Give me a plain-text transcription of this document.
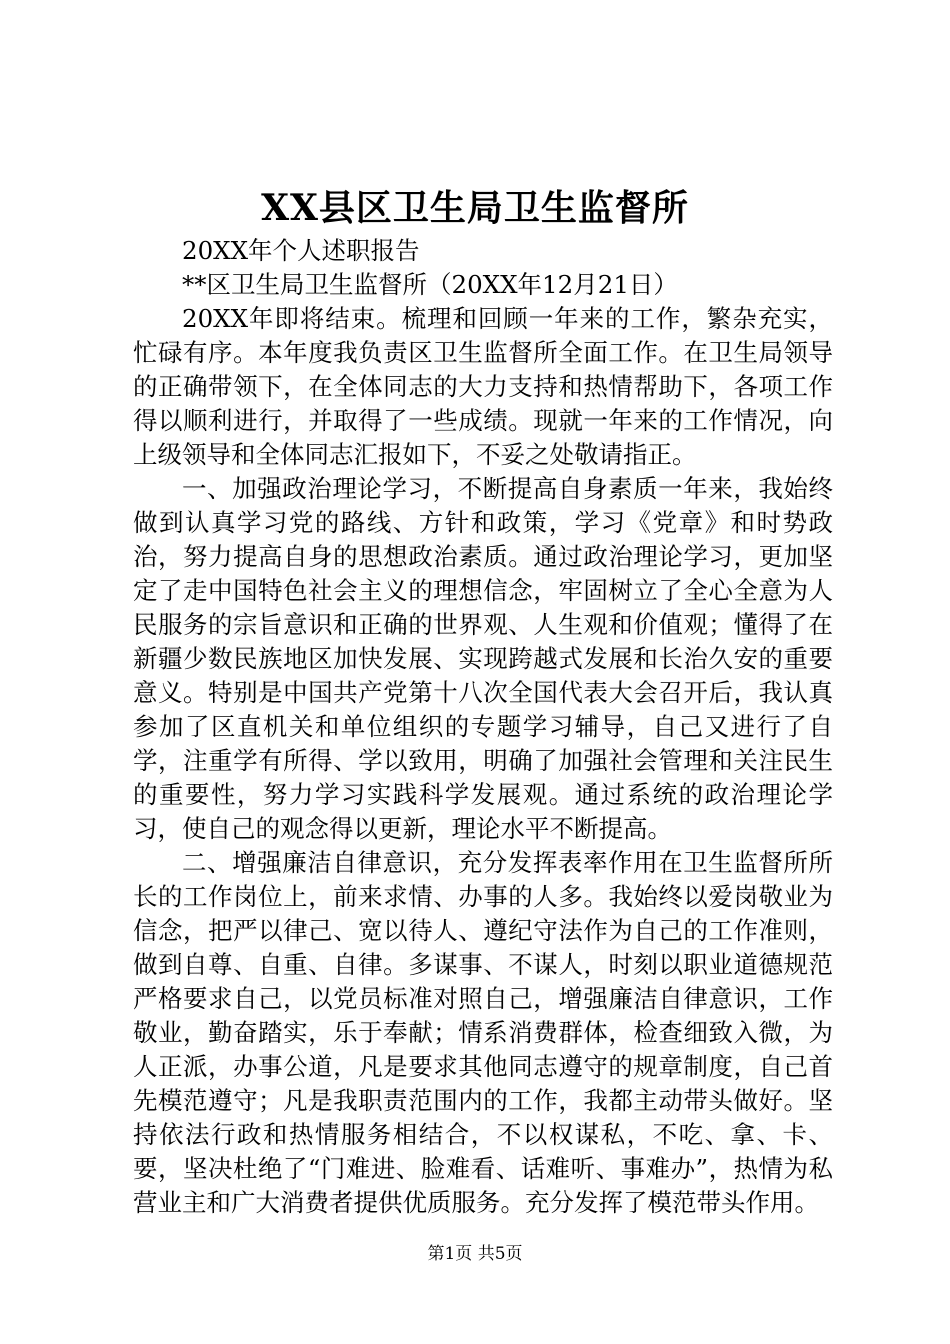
XX县区卫生局卫生监督所

20XX年个人述职报告

**区卫生局卫生监督所（20XX年12月21日）

20XX年即将结束。梳理和回顾一年来的工作，繁杂充实，忙碌有序。本年度我负责区卫生监督所全面工作。在卫生局领导的正确带领下，在全体同志的大力支持和热情帮助下，各项工作得以顺利进行，并取得了一些成绩。现就一年来的工作情况，向上级领导和全体同志汇报如下，不妥之处敬请指正。

一、加强政治理论学习，不断提高自身素质一年来，我始终做到认真学习党的路线、方针和政策，学习《党章》和时势政治，努力提高自身的思想政治素质。通过政治理论学习，更加坚定了走中国特色社会主义的理想信念，牢固树立了全心全意为人民服务的宗旨意识和正确的世界观、人生观和价值观；懂得了在新疆少数民族地区加快发展、实现跨越式发展和长治久安的重要意义。特别是中国共产党第十八次全国代表大会召开后，我认真参加了区直机关和单位组织的专题学习辅导，自己又进行了自学，注重学有所得、学以致用，明确了加强社会管理和关注民生的重要性，努力学习实践科学发展观。通过系统的政治理论学习，使自己的观念得以更新，理论水平不断提高。

二、增强廉洁自律意识，充分发挥表率作用在卫生监督所所长的工作岗位上，前来求情、办事的人多。我始终以爱岗敬业为信念，把严以律己、宽以待人、遵纪守法作为自己的工作准则，做到自尊、自重、自律。多谋事、不谋人，时刻以职业道德规范严格要求自己，以党员标准对照自己，增强廉洁自律意识，工作敬业，勤奋踏实，乐于奉献；情系消费群体，检查细致入微，为人正派，办事公道，凡是要求其他同志遵守的规章制度，自己首先模范遵守；凡是我职责范围内的工作，我都主动带头做好。坚持依法行政和热情服务相结合，不以权谋私，不吃、拿、卡、要，坚决杜绝了“门难进、脸难看、话难听、事难办”，热情为私营业主和广大消费者提供优质服务。充分发挥了模范带头作用。

第1页 共5页
